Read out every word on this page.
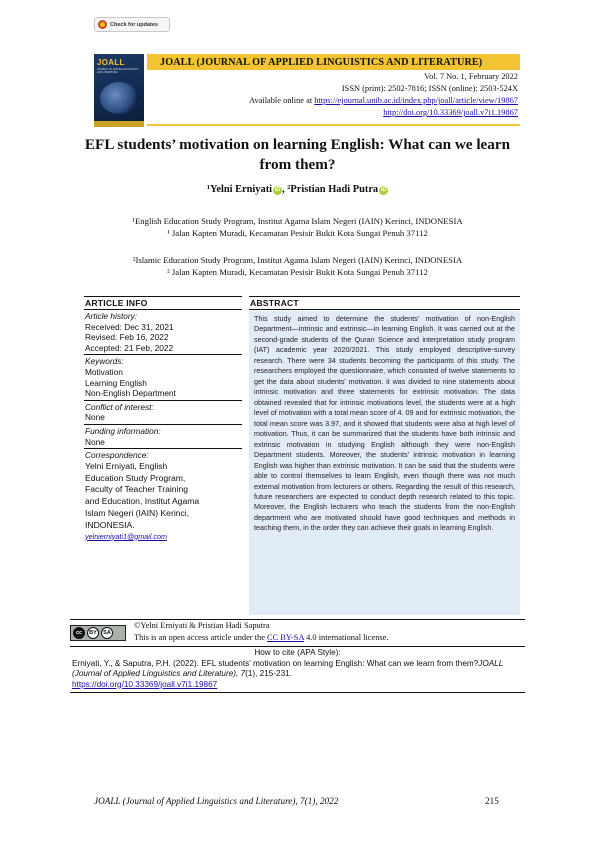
Check for updates
JOALL
JOURNAL OF APPLIED LINGUISTICS AND LITERATURE
JOALL (JOURNAL OF APPLIED LINGUISTICS AND LITERATURE)
Vol. 7 No. 1, February 2022
ISSN (print): 2502-7816; ISSN (online): 2503-524X
Available online at https://ejournal.unib.ac.id/index.php/joall/article/view/19867
http://doi.org/10.33369/joall.v7i1.19867
EFL students’ motivation on learning English: What can we learn from them?
¹Yelni Erniyati iD , ²Pristian Hadi Putra iD
¹English Education Study Program, Institut Agama Islam Negeri (IAIN) Kerinci, INDONESIA
¹ Jalan Kapten Muradi, Kecamatan Pesisir Bukit Kota Sungai Penuh 37112
²Islamic Education Study Program, Institut Agama Islam Negeri (IAIN) Kerinci, INDONESIA
² Jalan Kapten Muradi, Kecamatan Pesisir Bukit Kota Sungai Penuh 37112
ARTICLE INFO
Article history:
Received: Dec 31, 2021
Revised: Feb 16, 2022
Accepted: 21 Feb, 2022
Keywords:
Motivation
Learning English
Non-English Department
Conflict of interest:
None
Funding information:
None
Correspondence:
Yelni Erniyati, English
Education Study Program,
Faculty of Teacher Training
and Education, Institut Agama
Islam Negeri (IAIN) Kerinci,
INDONESIA.
yelnierniyati1@gmail.com
ABSTRACT

This study aimed to determine the students' motivation of non-English Department—intrinsic and extrinsic—in learning English. It was carried out at the second-grade students of the Quran Science and interpretation study program (IAT) academic year 2020/2021. This study employed descriptive-survey research. There were 34 students becoming the participants of this study. The researchers employed the questionnaire, which consisted of twelve statements to get the data about students' motivation. it was divided to nine statements about intrinsic motivation and three statements for extrinsic motivation. The data obtained revealed that for intrinsic motivations level, the students were at a high level of motivation with a total mean score of 4. 09 and for extrinsic motivation, the total mean score was 3.97, and it showed that students were also at high level of motivation. Thus, it can be summarized that the students have both intrinsic and extrinsic motivation in studying English although they were non-English Department students. Moreover, the students' intrinsic motivation in learning English was higher than extrinsic motivation. It can be said that the students were able to control themselves to learn English, even though there was not much external motivation from lecturers or others. Regarding the result of this research, future researchers are expected to conduct depth research related to this topic. Moreover, the English lecturers who teach the students from the non-English department who are motivated should have good techniques and methods in teaching them, in the order they can achieve their goals in learning English.

cc	BY	SA
©Yelni Erniyati & Pristian Hadi Saputra
This is an open access article under the CC BY-SA 4.0 international license.
How to cite (APA Style):
Erniyati, Y., & Saputra, P.H. (2022). EFL students’ motivation on learning English: What can we learn from them?JOALL (Journal of Applied Linguistics and Literature), 7(1), 215-231.
https://doi.org/10.33369/joall.v7i1.19867
JOALL (Journal of Applied Linguistics and Literature), 7(1), 2022	215
